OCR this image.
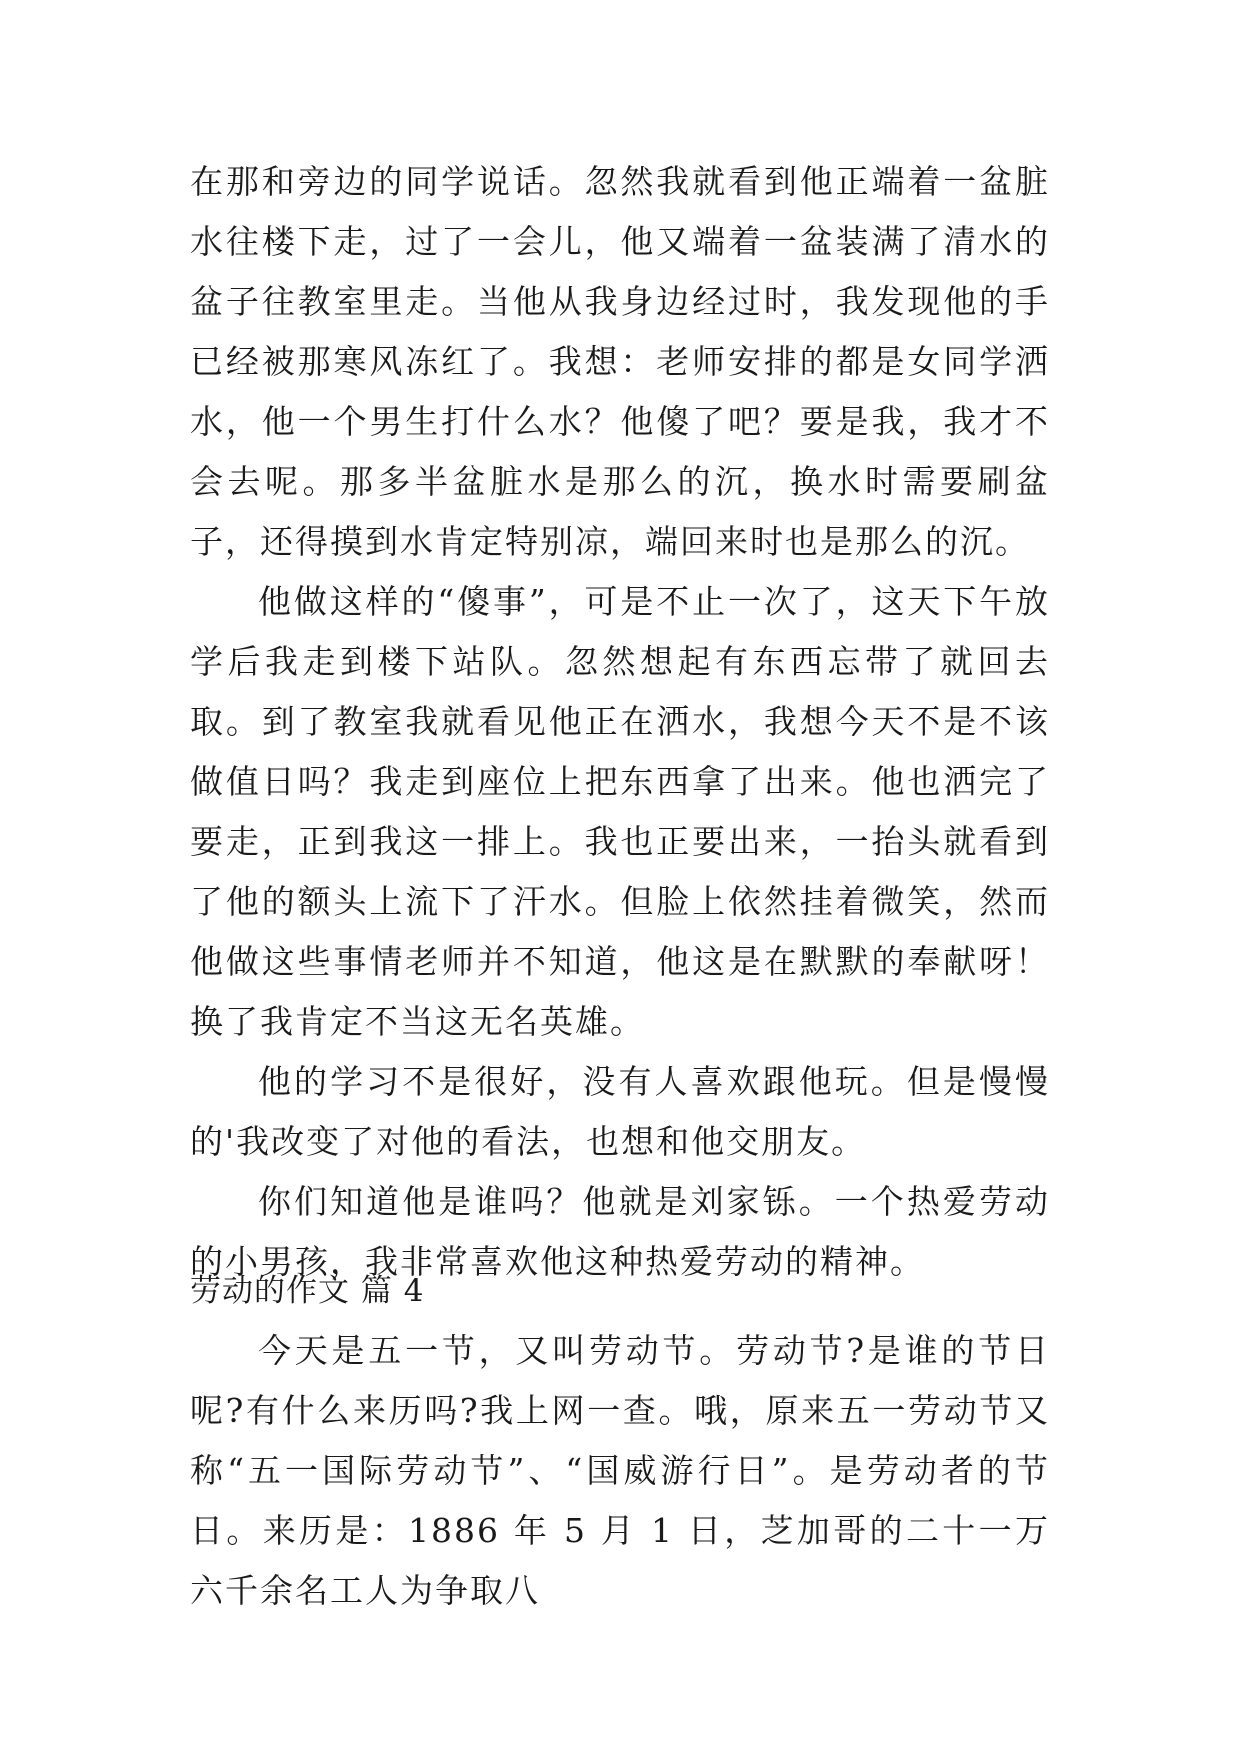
在那和旁边的同学说话。忽然我就看到他正端着一盆脏水往楼下走，过了一会儿，他又端着一盆装满了清水的盆子往教室里走。当他从我身边经过时，我发现他的手已经被那寒风冻红了。我想：老师安排的都是女同学洒水，他一个男生打什么水？他傻了吧？要是我，我才不会去呢。那多半盆脏水是那么的沉，换水时需要刷盆子，还得摸到水肯定特别凉，端回来时也是那么的沉。

他做这样的“傻事”，可是不止一次了，这天下午放学后我走到楼下站队。忽然想起有东西忘带了就回去取。到了教室我就看见他正在洒水，我想今天不是不该做值日吗？我走到座位上把东西拿了出来。他也洒完了要走，正到我这一排上。我也正要出来，一抬头就看到了他的额头上流下了汗水。但脸上依然挂着微笑，然而他做这些事情老师并不知道，他这是在默默的奉献呀！换了我肯定不当这无名英雄。

他的学习不是很好，没有人喜欢跟他玩。但是慢慢的'我改变了对他的看法，也想和他交朋友。

你们知道他是谁吗？他就是刘家铄。一个热爱劳动的小男孩，我非常喜欢他这种热爱劳动的精神。

劳动的作文 篇 4

今天是五一节，又叫劳动节。劳动节?是谁的节日呢?有什么来历吗?我上网一查。哦，原来五一劳动节又称“五一国际劳动节”、“国威游行日”。是劳动者的节日。来历是：1886 年 5 月 1 日，芝加哥的二十一万六千余名工人为争取八
